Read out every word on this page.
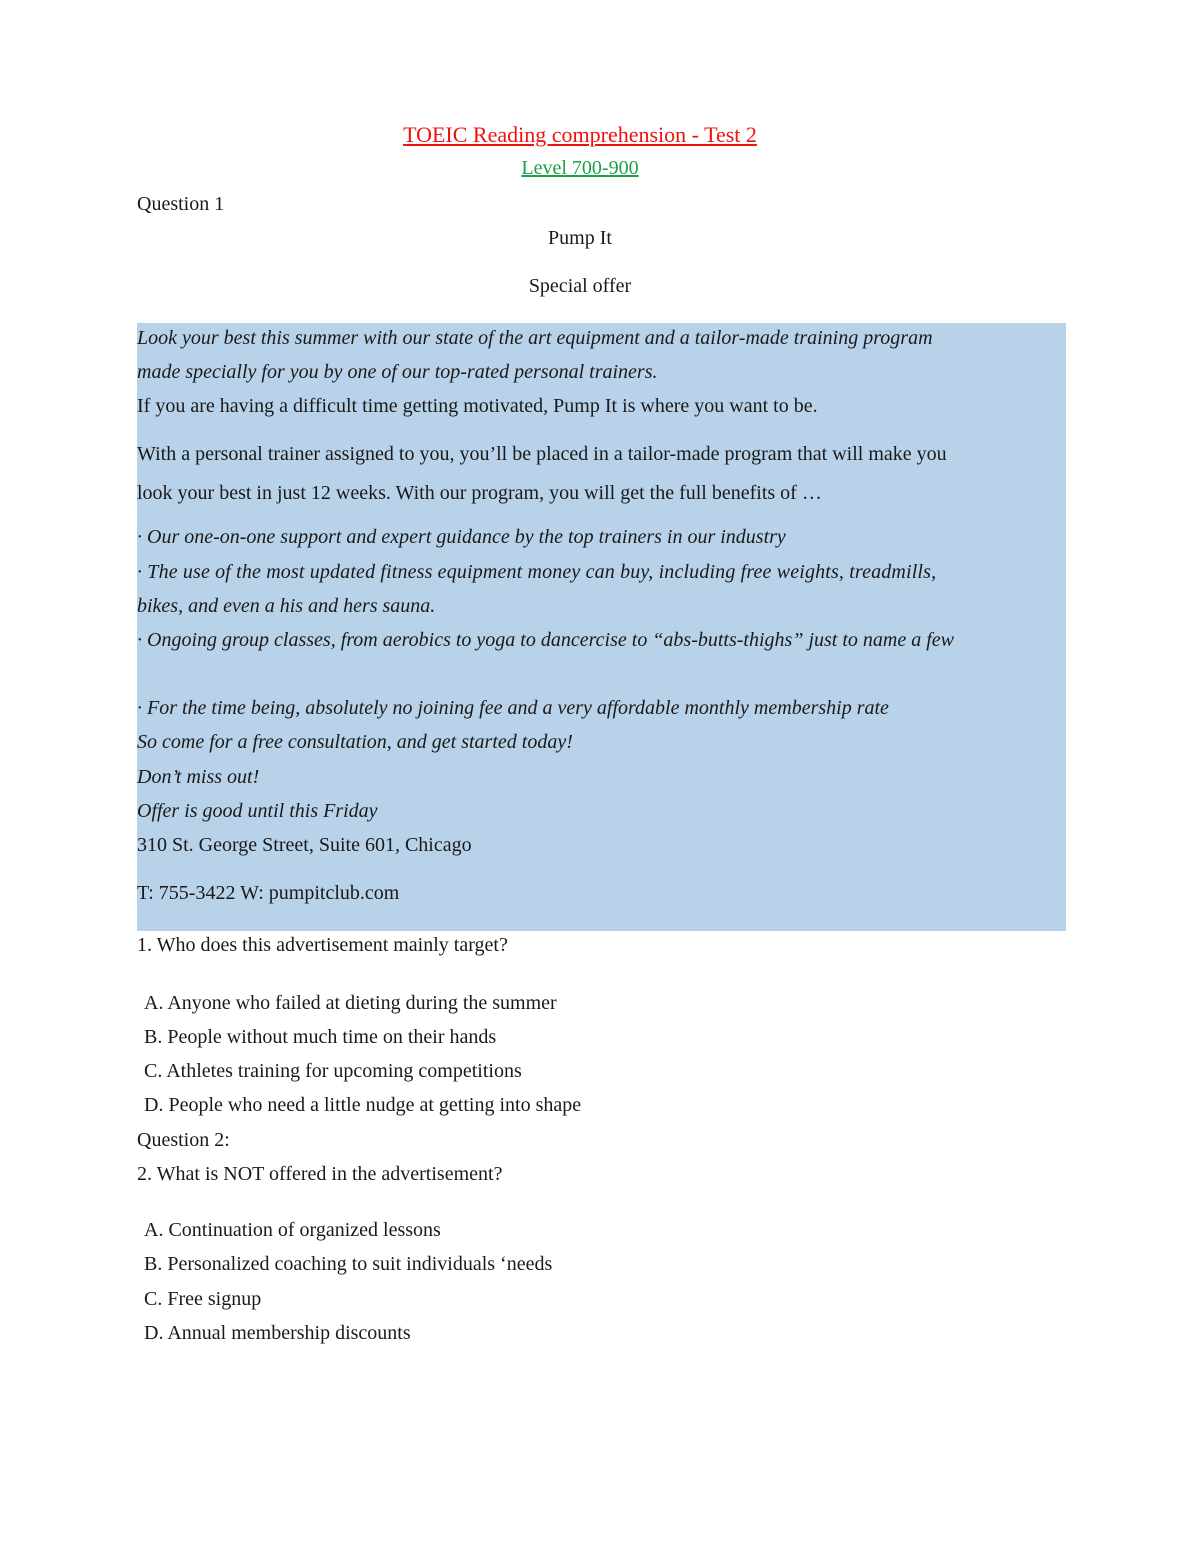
TOEIC Reading comprehension - Test 2
Level 700-900
Question 1
Pump It
Special offer
Look your best this summer with our state of the art equipment and a tailor-made training program
made specially for you by one of our top-rated personal trainers.
If you are having a difficult time getting motivated, Pump It is where you want to be.
With a personal trainer assigned to you, you’ll be placed in a tailor-made program that will make you
look your best in just 12 weeks. With our program, you will get the full benefits of …
· Our one-on-one support and expert guidance by the top trainers in our industry
· The use of the most updated fitness equipment money can buy, including free weights, treadmills,
bikes, and even a his and hers sauna.
· Ongoing group classes, from aerobics to yoga to dancercise to “abs-butts-thighs” just to name a few
· For the time being, absolutely no joining fee and a very affordable monthly membership rate
So come for a free consultation, and get started today!
Don’t miss out!
Offer is good until this Friday
310 St. George Street, Suite 601, Chicago
T: 755-3422 W: pumpitclub.com
1. Who does this advertisement mainly target?
A. Anyone who failed at dieting during the summer
B. People without much time on their hands
C. Athletes training for upcoming competitions
D. People who need a little nudge at getting into shape
Question 2:
2. What is NOT offered in the advertisement?
A. Continuation of organized lessons
B. Personalized coaching to suit individuals ‘needs
C. Free signup
D. Annual membership discounts
